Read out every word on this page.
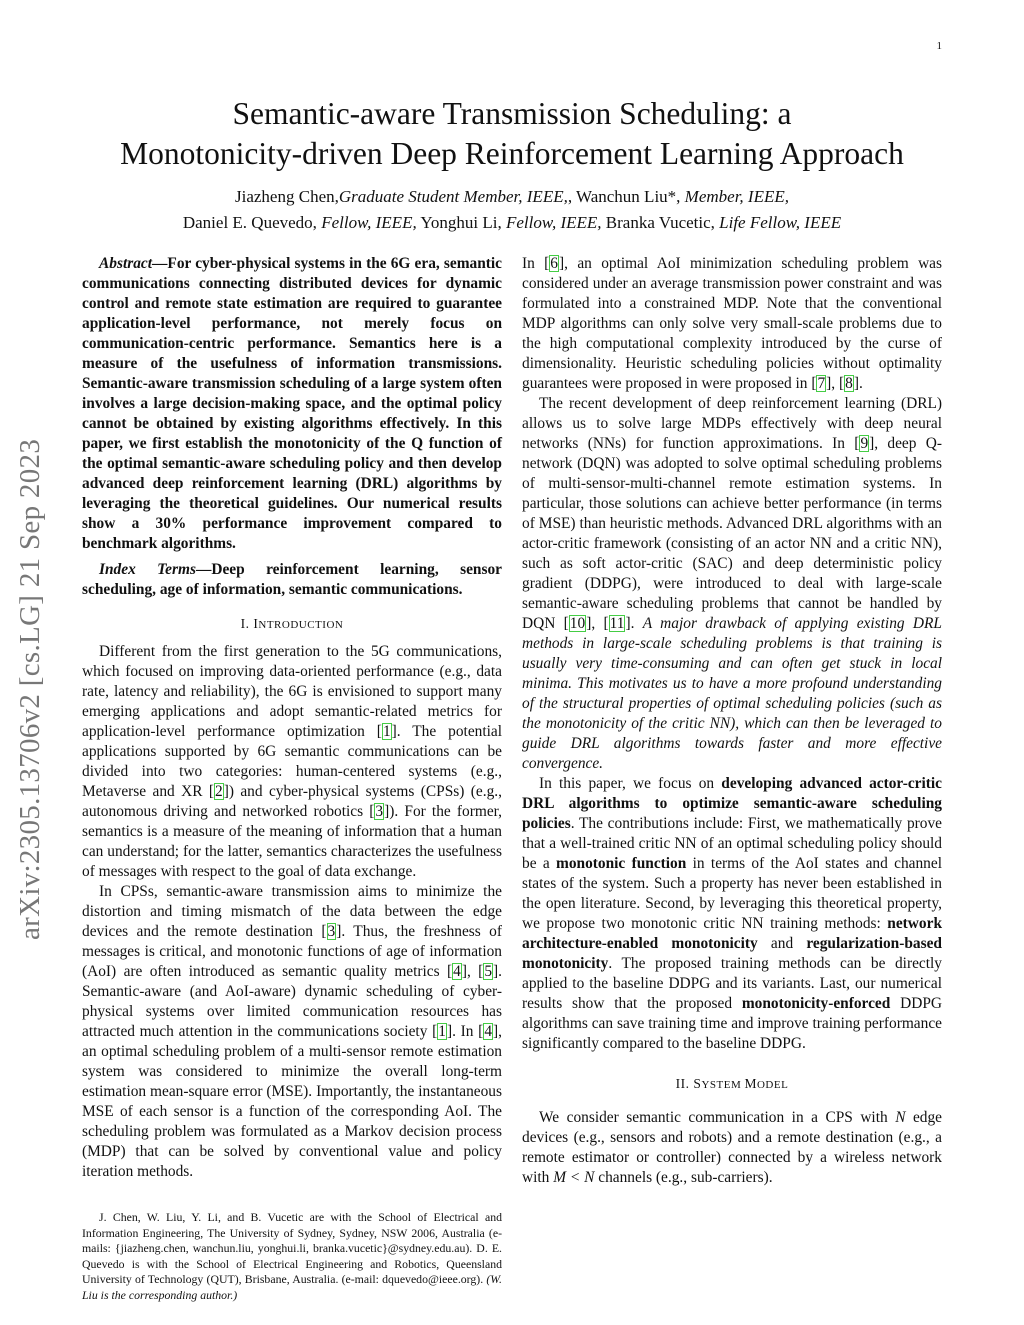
1
arXiv:2305.13706v2 [cs.LG] 21 Sep 2023
Semantic-aware Transmission Scheduling: a
Monotonicity-driven Deep Reinforcement Learning Approach
Jiazheng Chen,Graduate Student Member, IEEE,, Wanchun Liu*, Member, IEEE,
Daniel E. Quevedo, Fellow, IEEE, Yonghui Li, Fellow, IEEE, Branka Vucetic, Life Fellow, IEEE

Abstract—For cyber-physical systems in the 6G era, semantic communications connecting distributed devices for dynamic control and remote state estimation are required to guarantee application-level performance, not merely focus on communication-centric performance. Semantics here is a measure of the usefulness of information transmissions. Semantic-aware transmission scheduling of a large system often involves a large decision-making space, and the optimal policy cannot be obtained by existing algorithms effectively. In this paper, we first establish the monotonicity of the Q function of the optimal semantic-aware scheduling policy and then develop advanced deep reinforcement learning (DRL) algorithms by leveraging the theoretical guidelines. Our numerical results show a 30% performance improvement compared to benchmark algorithms.

Index Terms—Deep reinforcement learning, sensor scheduling, age of information, semantic communications.

I. INTRODUCTION

Different from the first generation to the 5G communications, which focused on improving data-oriented performance (e.g., data rate, latency and reliability), the 6G is envisioned to support many emerging applications and adopt semantic-related metrics for application-level performance optimization [1]. The potential applications supported by 6G semantic communications can be divided into two categories: human-centered systems (e.g., Metaverse and XR [2]) and cyber-physical systems (CPSs) (e.g., autonomous driving and networked robotics [3]). For the former, semantics is a measure of the meaning of information that a human can understand; for the latter, semantics characterizes the usefulness of messages with respect to the goal of data exchange.

In CPSs, semantic-aware transmission aims to minimize the distortion and timing mismatch of the data between the edge devices and the remote destination [3]. Thus, the freshness of messages is critical, and monotonic functions of age of information (AoI) are often introduced as semantic quality metrics [4], [5]. Semantic-aware (and AoI-aware) dynamic scheduling of cyber-physical systems over limited communication resources has attracted much attention in the communications society [1]. In [4], an optimal scheduling problem of a multi-sensor remote estimation system was considered to minimize the overall long-term estimation mean-square error (MSE). Importantly, the instantaneous MSE of each sensor is a function of the corresponding AoI. The scheduling problem was formulated as a Markov decision process (MDP) that can be solved by conventional value and policy iteration methods.

J. Chen, W. Liu, Y. Li, and B. Vucetic are with the School of Electrical and Information Engineering, The University of Sydney, Sydney, NSW 2006, Australia (e-mails: {jiazheng.chen, wanchun.liu, yonghui.li, branka.vucetic}@sydney.edu.au). D. E. Quevedo is with the School of Electrical Engineering and Robotics, Queensland University of Technology (QUT), Brisbane, Australia. (e-mail: dquevedo@ieee.org). (W. Liu is the corresponding author.)

In [6], an optimal AoI minimization scheduling problem was considered under an average transmission power constraint and was formulated into a constrained MDP. Note that the conventional MDP algorithms can only solve very small-scale problems due to the high computational complexity introduced by the curse of dimensionality. Heuristic scheduling policies without optimality guarantees were proposed in were proposed in [7], [8].

The recent development of deep reinforcement learning (DRL) allows us to solve large MDPs effectively with deep neural networks (NNs) for function approximations. In [9], deep Q-network (DQN) was adopted to solve optimal scheduling problems of multi-sensor-multi-channel remote estimation systems. In particular, those solutions can achieve better performance (in terms of MSE) than heuristic methods. Advanced DRL algorithms with an actor-critic framework (consisting of an actor NN and a critic NN), such as soft actor-critic (SAC) and deep deterministic policy gradient (DDPG), were introduced to deal with large-scale semantic-aware scheduling problems that cannot be handled by DQN [10], [11]. A major drawback of applying existing DRL methods in large-scale scheduling problems is that training is usually very time-consuming and can often get stuck in local minima. This motivates us to have a more profound understanding of the structural properties of optimal scheduling policies (such as the monotonicity of the critic NN), which can then be leveraged to guide DRL algorithms towards faster and more effective convergence.

In this paper, we focus on developing advanced actor-critic DRL algorithms to optimize semantic-aware scheduling policies. The contributions include: First, we mathematically prove that a well-trained critic NN of an optimal scheduling policy should be a monotonic function in terms of the AoI states and channel states of the system. Such a property has never been established in the open literature. Second, by leveraging this theoretical property, we propose two monotonic critic NN training methods: network architecture-enabled monotonicity and regularization-based monotonicity. The proposed training methods can be directly applied to the baseline DDPG and its variants. Last, our numerical results show that the proposed monotonicity-enforced DDPG algorithms can save training time and improve training performance significantly compared to the baseline DDPG.

II. SYSTEM MODEL

We consider semantic communication in a CPS with N edge devices (e.g., sensors and robots) and a remote destination (e.g., a remote estimator or controller) connected by a wireless network with M < N channels (e.g., sub-carriers).
